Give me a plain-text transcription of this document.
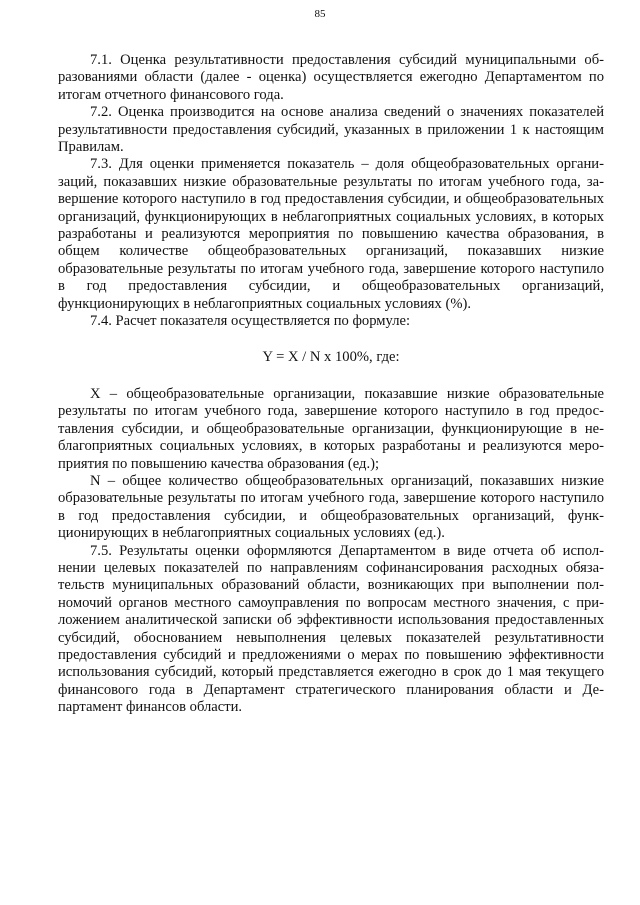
85

7.1. Оценка результативности предоставления субсидий муниципальными образованиями области (далее - оценка) осуществляется ежегодно Департаментом по итогам отчетного финансового года.

7.2. Оценка производится на основе анализа сведений о значениях показателей результативности предоставления субсидий, указанных в приложении 1 к настоящим Правилам.

7.3. Для оценки применяется показатель – доля общеобразовательных организаций, показавших низкие образовательные результаты по итогам учебного года, завершение которого наступило в год предоставления субсидии, и общеобразовательных организаций, функционирующих в неблагоприятных социальных условиях, в которых разработаны и реализуются мероприятия по повышению качества образования, в общем количестве общеобразовательных организаций, показавших низкие образовательные результаты по итогам учебного года, завершение которого наступило в год предоставления субсидии, и общеобразовательных организаций, функционирующих в неблагоприятных социальных условиях (%).

7.4. Расчет показателя осуществляется по формуле:

Y = X / N x 100%, где:

X – общеобразовательные организации, показавшие низкие образовательные результаты по итогам учебного года, завершение которого наступило в год предоставления субсидии, и общеобразовательные организации, функционирующие в неблагоприятных социальных условиях, в которых разработаны и реализуются мероприятия по повышению качества образования (ед.);

N – общее количество общеобразовательных организаций, показавших низкие образовательные результаты по итогам учебного года, завершение которого наступило в год предоставления субсидии, и общеобразовательных организаций, функционирующих в неблагоприятных социальных условиях (ед.).

7.5. Результаты оценки оформляются Департаментом в виде отчета об исполнении целевых показателей по направлениям софинансирования расходных обязательств муниципальных образований области, возникающих при выполнении полномочий органов местного самоуправления по вопросам местного значения, с приложением аналитической записки об эффективности использования предоставленных субсидий, обоснованием невыполнения целевых показателей результативности предоставления субсидий и предложениями о мерах по повышению эффективности использования субсидий, который представляется ежегодно в срок до 1 мая текущего финансового года в Департамент стратегического планирования области и Департамент финансов области.
